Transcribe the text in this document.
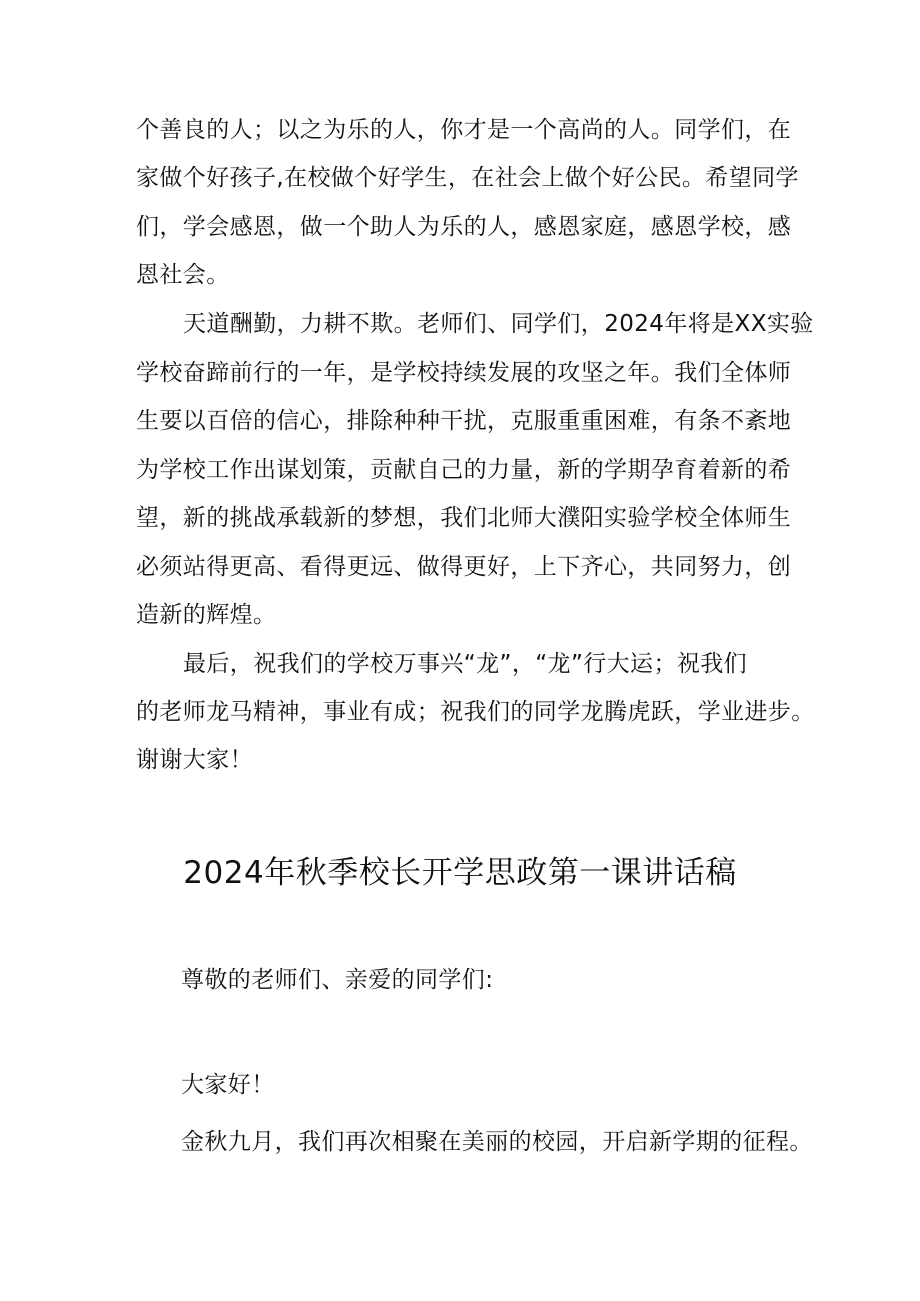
个善良的人；以之为乐的人，你才是一个高尚的人。同学们，在
家做个好孩子,在校做个好学生，在社会上做个好公民。希望同学
们，学会感恩，做一个助人为乐的人，感恩家庭，感恩学校，感
恩社会。
天道酬勤，力耕不欺。老师们、同学们，2024年将是XX实验
学校奋蹄前行的一年，是学校持续发展的攻坚之年。我们全体师
生要以百倍的信心，排除种种干扰，克服重重困难，有条不紊地
为学校工作出谋划策，贡献自己的力量，新的学期孕育着新的希
望，新的挑战承载新的梦想，我们北师大濮阳实验学校全体师生
必须站得更高、看得更远、做得更好，上下齐心，共同努力，创
造新的辉煌。
最后，祝我们的学校万事兴“龙”，“龙”行大运；祝我们
的老师龙马精神，事业有成；祝我们的同学龙腾虎跃，学业进步。
谢谢大家！
2024年秋季校长开学思政第一课讲话稿
尊敬的老师们、亲爱的同学们:
大家好！
金秋九月，我们再次相聚在美丽的校园，开启新学期的征程。
